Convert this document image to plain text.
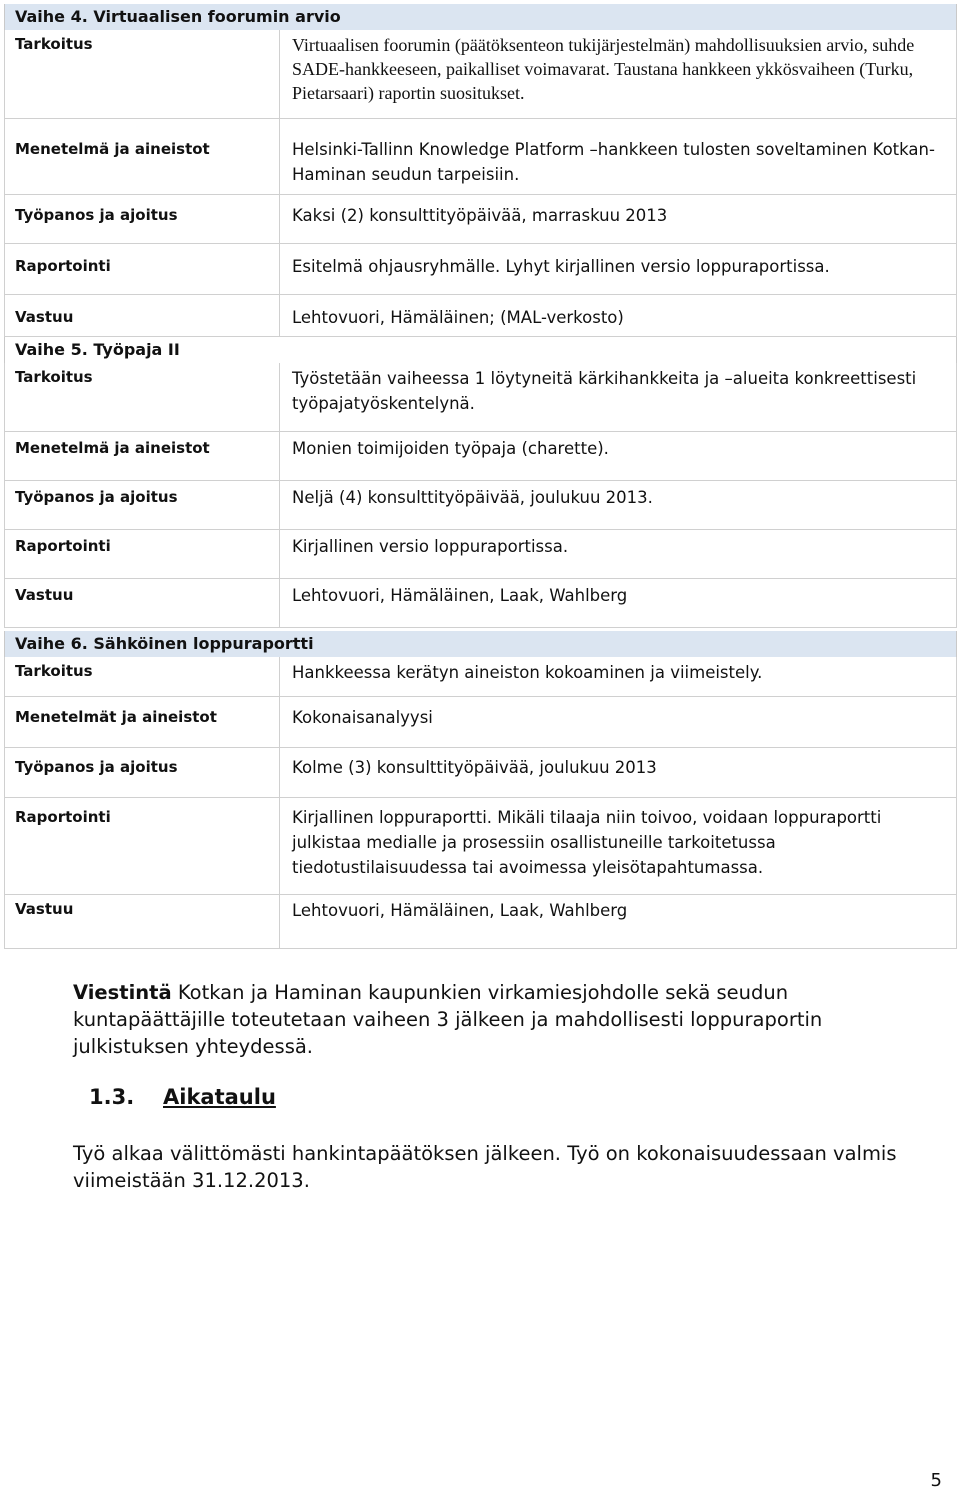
Vaihe 4. Virtuaalisen foorumin arvio
Tarkoitus	Virtuaalisen foorumin (päätöksenteon tukijärjestelmän) mahdollisuuksien arvio, suhde SADE-hankkeeseen, paikalliset voimavarat. Taustana hankkeen ykkösvaiheen (Turku, Pietarsaari) raportin suositukset.
Menetelmä ja aineistot	Helsinki-Tallinn Knowledge Platform –hankkeen tulosten soveltaminen Kotkan-Haminan seudun tarpeisiin.
Työpanos ja ajoitus	Kaksi (2) konsulttityöpäivää, marraskuu 2013
Raportointi	Esitelmä ohjausryhmälle. Lyhyt kirjallinen versio loppuraportissa.
Vastuu	Lehtovuori, Hämäläinen; (MAL-verkosto)
Vaihe 5. Työpaja II
Tarkoitus	Työstetään vaiheessa 1 löytyneitä kärkihankkeita ja –alueita konkreettisesti työpajatyöskentelynä.
Menetelmä ja aineistot	Monien toimijoiden työpaja (charette).
Työpanos ja ajoitus	Neljä (4) konsulttityöpäivää, joulukuu 2013.
Raportointi	Kirjallinen versio loppuraportissa.
Vastuu	Lehtovuori, Hämäläinen, Laak, Wahlberg
Vaihe 6. Sähköinen loppuraportti
Tarkoitus	Hankkeessa kerätyn aineiston kokoaminen ja viimeistely.
Menetelmät ja aineistot	Kokonaisanalyysi
Työpanos ja ajoitus	Kolme (3) konsulttityöpäivää, joulukuu 2013
Raportointi	Kirjallinen loppuraportti. Mikäli tilaaja niin toivoo, voidaan loppuraportti julkistaa medialle ja prosessiin osallistuneille tarkoitetussa tiedotustilaisuudessa tai avoimessa yleisötapahtumassa.
Vastuu	Lehtovuori, Hämäläinen, Laak, Wahlberg
Viestintä Kotkan ja Haminan kaupunkien virkamiesjohdolle sekä seudun kuntapäättäjille toteutetaan vaiheen 3 jälkeen ja mahdollisesti loppuraportin julkistuksen yhteydessä.
1.3. Aikataulu
Työ alkaa välittömästi hankintapäätöksen jälkeen. Työ on kokonaisuudessaan valmis viimeistään 31.12.2013.
5
